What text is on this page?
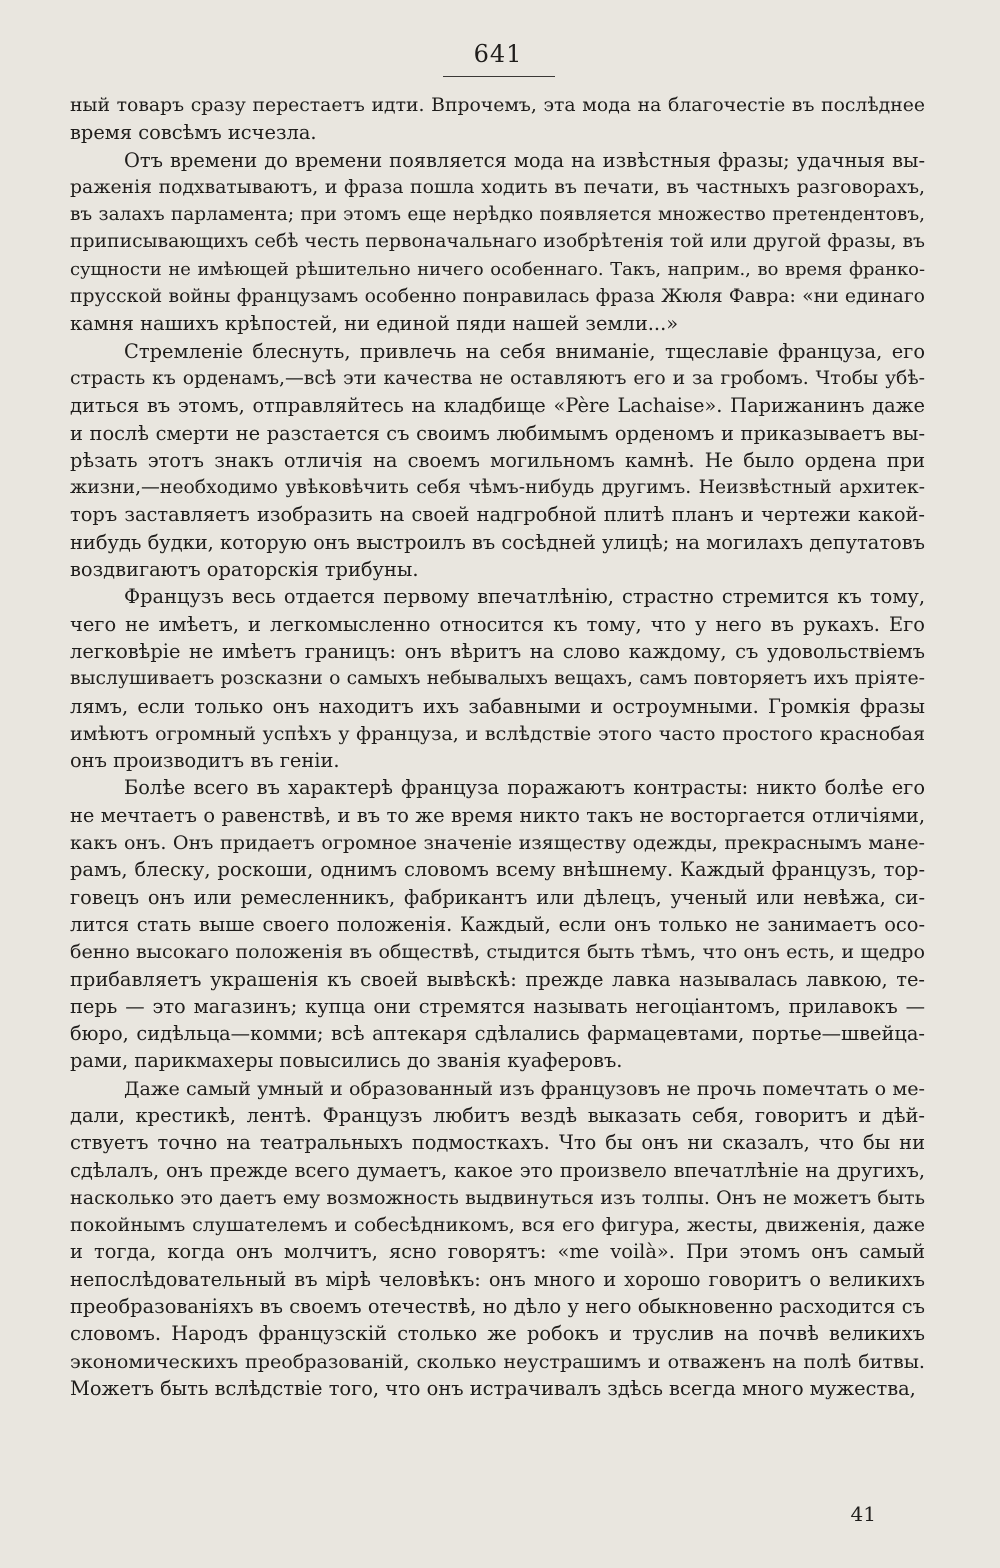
641
ный товаръ сразу перестаетъ идти. Впрочемъ, эта мода на благочестіе въ послѣднее
время совсѣмъ исчезла.
Отъ времени до времени появляется мода на извѣстныя фразы; удачныя вы-
раженія подхватываютъ, и фраза пошла ходить въ печати, въ частныхъ разговорахъ,
въ залахъ парламента; при этомъ еще нерѣдко появляется множество претендентовъ,
приписывающихъ себѣ честь первоначальнаго изобрѣтенія той или другой фразы, въ
сущности не имѣющей рѣшительно ничего особеннаго. Такъ, наприм., во время франко-
прусской войны французамъ особенно понравилась фраза Жюля Фавра: «ни единаго
камня нашихъ крѣпостей, ни единой пяди нашей земли...»
Стремленіе блеснуть, привлечь на себя вниманіе, тщеславіе француза, его
страсть къ орденамъ,—всѣ эти качества не оставляютъ его и за гробомъ. Чтобы убѣ-
диться въ этомъ, отправляйтесь на кладбище «Père Lachaise». Парижанинъ даже
и послѣ смерти не разстается съ своимъ любимымъ орденомъ и приказываетъ вы-
рѣзать этотъ знакъ отличія на своемъ могильномъ камнѣ. Не было ордена при
жизни,—необходимо увѣковѣчить себя чѣмъ-нибудь другимъ. Неизвѣстный архитек-
торъ заставляетъ изобразить на своей надгробной плитѣ планъ и чертежи какой-
нибудь будки, которую онъ выстроилъ въ сосѣдней улицѣ; на могилахъ депутатовъ
воздвигаютъ ораторскія трибуны.
Французъ весь отдается первому впечатлѣнію, страстно стремится къ тому,
чего не имѣетъ, и легкомысленно относится къ тому, что у него въ рукахъ. Его
легковѣріе не имѣетъ границъ: онъ вѣритъ на слово каждому, съ удовольствіемъ
выслушиваетъ розсказни о самыхъ небывалыхъ вещахъ, самъ повторяетъ ихъ пріяте-
лямъ, если только онъ находитъ ихъ забавными и остроумными. Громкія фразы
имѣютъ огромный успѣхъ у француза, и вслѣдствіе этого часто простого краснобая
онъ производитъ въ геніи.
Болѣе всего въ характерѣ француза поражаютъ контрасты: никто болѣе его
не мечтаетъ о равенствѣ, и въ то же время никто такъ не восторгается отличіями,
какъ онъ. Онъ придаетъ огромное значеніе изяществу одежды, прекраснымъ мане-
рамъ, блеску, роскоши, однимъ словомъ всему внѣшнему. Каждый французъ, тор-
говецъ онъ или ремесленникъ, фабрикантъ или дѣлецъ, ученый или невѣжа, си-
лится стать выше своего положенія. Каждый, если онъ только не занимаетъ осо-
бенно высокаго положенія въ обществѣ, стыдится быть тѣмъ, что онъ есть, и щедро
прибавляетъ украшенія къ своей вывѣскѣ: прежде лавка называлась лавкою, те-
перь — это магазинъ; купца они стремятся называть негоціантомъ, прилавокъ —
бюро, сидѣльца—комми; всѣ аптекаря сдѣлались фармацевтами, портье—швейца-
рами, парикмахеры повысились до званія куаферовъ.
Даже самый умный и образованный изъ французовъ не прочь помечтать о ме-
дали, крестикѣ, лентѣ. Французъ любитъ вездѣ выказать себя, говоритъ и дѣй-
ствуетъ точно на театральныхъ подмосткахъ. Что бы онъ ни сказалъ, что бы ни
сдѣлалъ, онъ прежде всего думаетъ, какое это произвело впечатлѣніе на другихъ,
насколько это даетъ ему возможность выдвинуться изъ толпы. Онъ не можетъ быть
покойнымъ слушателемъ и собесѣдникомъ, вся его фигура, жесты, движенія, даже
и тогда, когда онъ молчитъ, ясно говорятъ: «me voilà». При этомъ онъ самый
непослѣдовательный въ мірѣ человѣкъ: онъ много и хорошо говоритъ о великихъ
преобразованіяхъ въ своемъ отечествѣ, но дѣло у него обыкновенно расходится съ
словомъ. Народъ французскій столько же робокъ и труслив на почвѣ великихъ
экономическихъ преобразованій, сколько неустрашимъ и отваженъ на полѣ битвы.
Можетъ быть вслѣдствіе того, что онъ истрачивалъ здѣсь всегда много мужества,
41
